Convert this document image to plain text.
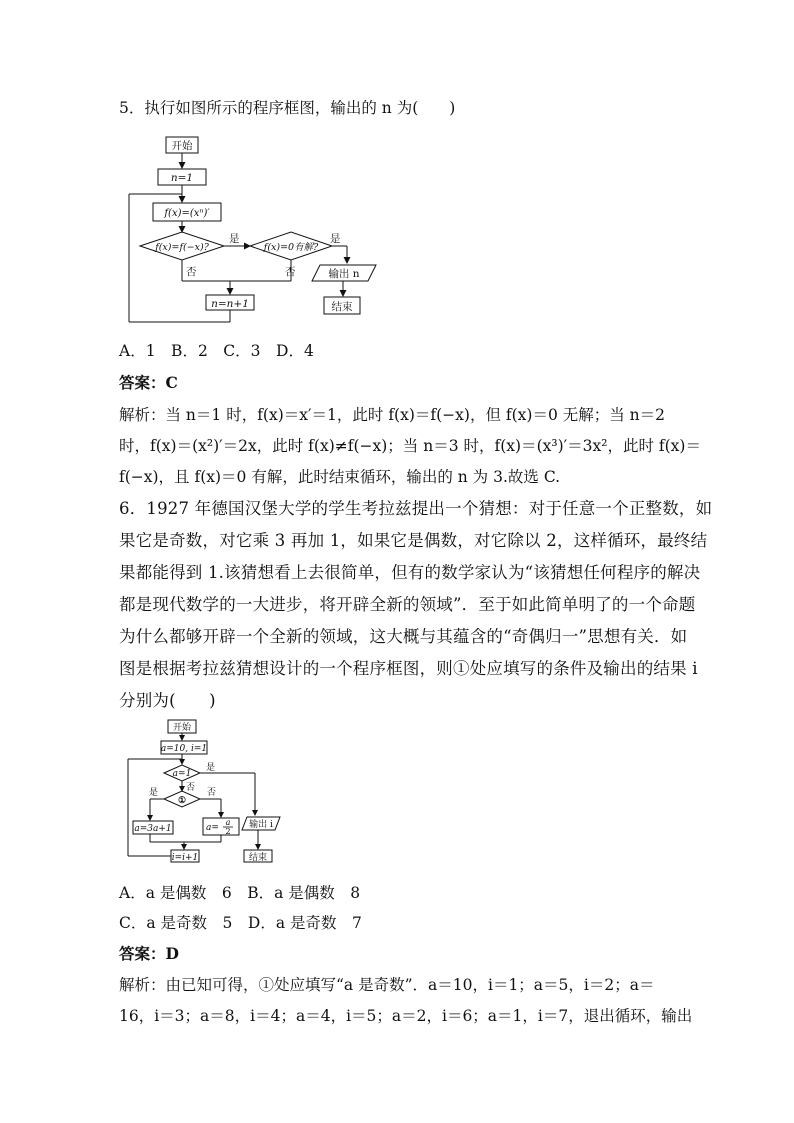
5．执行如图所示的程序框图，输出的 n 为(　　)
开始
n=1
f(x)=(xⁿ)′
f(x)=f(−x)?	f(x)=0有解?
是	是
否	否	输出 n
结束
n=n+1
A．1　B．2　C．3　D．4
答案：C
解析：当 n＝1 时，f(x)＝x′＝1，此时 f(x)＝f(−x)，但 f(x)＝0 无解；当 n＝2
时，f(x)＝(x²)′＝2x，此时 f(x)≠f(−x)；当 n＝3 时，f(x)＝(x³)′＝3x²，此时 f(x)＝
f(−x)，且 f(x)＝0 有解，此时结束循环，输出的 n 为 3.故选 C.
6．1927 年德国汉堡大学的学生考拉兹提出一个猜想：对于任意一个正整数，如
果它是奇数，对它乘 3 再加 1，如果它是偶数，对它除以 2，这样循环，最终结
果都能得到 1.该猜想看上去很简单，但有的数学家认为“该猜想任何程序的解决
都是现代数学的一大进步，将开辟全新的领域”．至于如此简单明了的一个命题
为什么都够开辟一个全新的领域，这大概与其蕴含的“奇偶归一”思想有关．如
图是根据考拉兹猜想设计的一个程序框图，则①处应填写的条件及输出的结果 i
分别为(　　)
开始
a=10, i=1
a=1
①
是
是	否 否
a=3a+1	a=
a
2
输出 i
结束
i=i+1
A．a 是偶数　6　B．a 是偶数　8
C．a 是奇数　5　D．a 是奇数　7
答案：D
解析：由已知可得，①处应填写“a 是奇数”．a＝10，i＝1；a＝5，i＝2；a＝
16，i＝3；a＝8，i＝4；a＝4，i＝5；a＝2，i＝6；a＝1，i＝7，退出循环，输出
